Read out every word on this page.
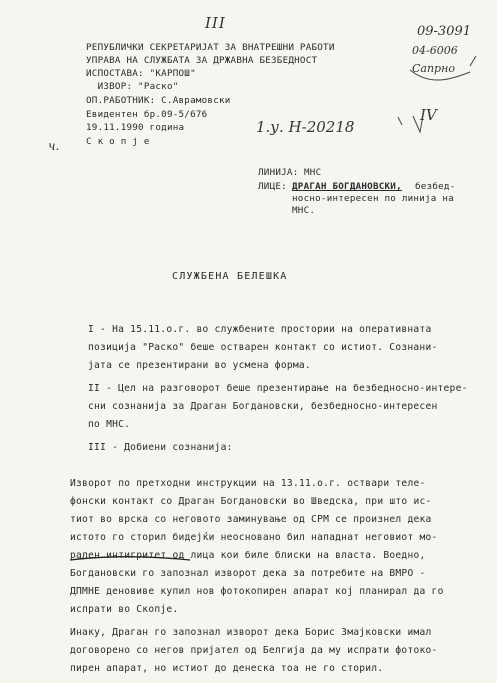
III	09-3091
04-6006
Сапрно
1.у. Н-20218
IV
ч.
РЕПУБЛИЧКИ СЕКРЕТАРИЈАТ ЗА ВНАТРЕШНИ РАБОТИ
УПРАВА НА СЛУЖБАТА ЗА ДРЖАВНА БЕЗБЕДНОСТ
ИСПОСТАВА: "КАРПОШ"
ИЗВОР: "Раско"
ОП.РАБОТНИК: С.Аврамовски
Евидентен бр.09-5/676
19.11.1990 година
С к о п ј е
ЛИНИЈА: МНС
ЛИЦЕ: ДРАГАН БОГДАНОВСКИ, безбед-
носно-интересен по линија на
МНС.
СЛУЖБЕНА БЕЛЕШКА
I - На 15.11.о.г. во службените простории на оперативната
позиција "Раско" беше остварен контакт со истиот. Сознани-
јата се презентирани во усмена форма.
II - Цел на разговорот беше презентирање на безбедносно-интере-
сни сознанија за Драган Богдановски, безбедносно-интересен
по МНС.
III - Добиени сознанија:
Изворот по претходни инструкции на 13.11.о.г. оствари теле-
фонски контакт со Драган Богдановски во Шведска, при што ис-
тиот во врска со неговото заминување од СРМ се произнел дека
истото го сторил бидејќи неосновано бил нападнат неговиот мо-
рален интигритет од лица кои биле блиски на власта. Воедно,
Богдановски го запознал изворот дека за потребите на ВМРО -
ДПМНЕ деновиве купил нов фотокопирен апарат кој планирал да го
испрати во Скопје.
Инаку, Драган го запознал изворот дека Борис Змајковски имал
договорено со негов пријател од Белгија да му испрати фотоко-
пирен апарат, но истиот до денеска тоа не го сторил.
